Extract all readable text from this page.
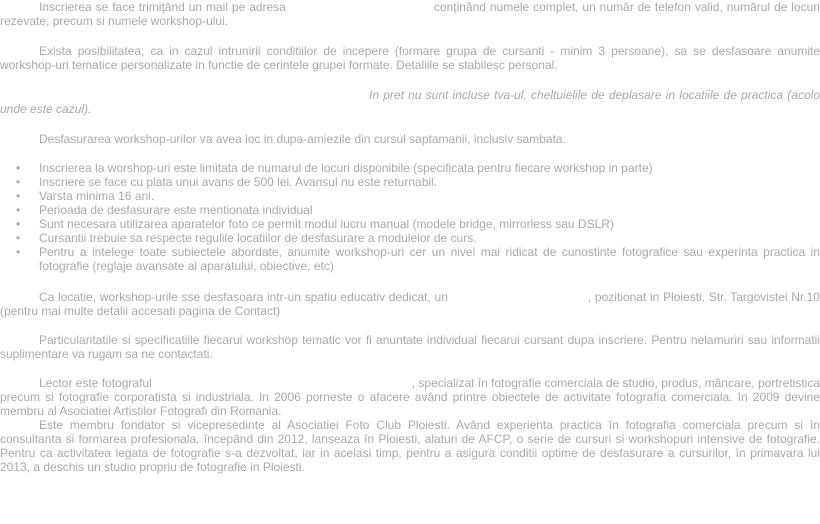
Inscrierea se face trimiţând un mail pe adresa	conţinând numele complet, un număr de telefon valid, numărul de locuri rezevate, precum si numele workshop-ului.

Exista posibilitatea, ca in cazul intrunirii conditiilor de incepere (formare grupa de cursanti - minim 3 persoane), sa se desfasoare anumite workshop-uri tematice personalizate in functie de cerintele grupei formate. Detaliile se stabilesc personal.

In pret nu sunt incluse tva-ul, cheltuielile de deplasare in locatiile de practica (acolo unde este cazul).

Desfasurarea workshop-urilor va avea loc in dupa-amiezile din cursul saptamanii, inclusiv sambata.

• Inscrierea la worshop-uri este limitata de numarul de locuri disponibile (specificata pentru fiecare workshop in parte)
• Inscriere se face cu plata unui avans de 500 lei. Avansul nu este returnabil.
• Varsta minima 16 ani.
• Perioada de desfasurare este mentionata individual
• Sunt necesara utilizarea aparatelor foto ce permit modul lucru manual (modele bridge, mirrorless sau DSLR)
• Cursantii trebuie sa respecte regulile locatiilor de desfasurare a modulelor de curs.
• Pentru a intelege toate subiectele abordate, anumite workshop-uri cer un nivel mai ridicat de cunostinte fotografice sau experinta practica in fotografie (reglaje avansate al aparatului, obiective, etc)

Ca locatie, workshop-urile sse desfasoara intr-un spatiu educativ dedicat, un	, pozitionat in Ploiesti, Str. Targovistei Nr.10 (pentru mai multe detalii accesati pagina de Contact)

Particularitatile si specificatiile fiecarui workshop tematic vor fi anuntate individual fiecarui cursant dupa inscriere. Pentru nelamuriri sau informatii suplimentare va rugam sa ne contactati.

Lector este fotograful	, specializat în fotografie comerciala de studio, produs, mâncare, portretistica precum si fotografie corporatista si industriala. In 2006 porneste o afacere având printre obiectele de activitate fotografia comerciala. In 2009 devine membru al Asociatiei Artistilor Fotografi din Romania.

Este membru fondator si vicepresedinte al Asociatiei Foto Club Ploiesti. Având experienta practica în fotografia comerciala precum si în consultanta si formarea profesionala, începând din 2012, lanseaza în Ploiesti, alaturi de AFCP, o serie de cursuri si workshopuri intensive de fotografie. Pentru ca activitatea legata de fotografie s-a dezvoltat, iar in acelasi timp, pentru a asigura conditii optime de desfasurare a cursurilor, în primavara lui 2013, a deschis un studio propriu de fotografie in Ploiesti.
